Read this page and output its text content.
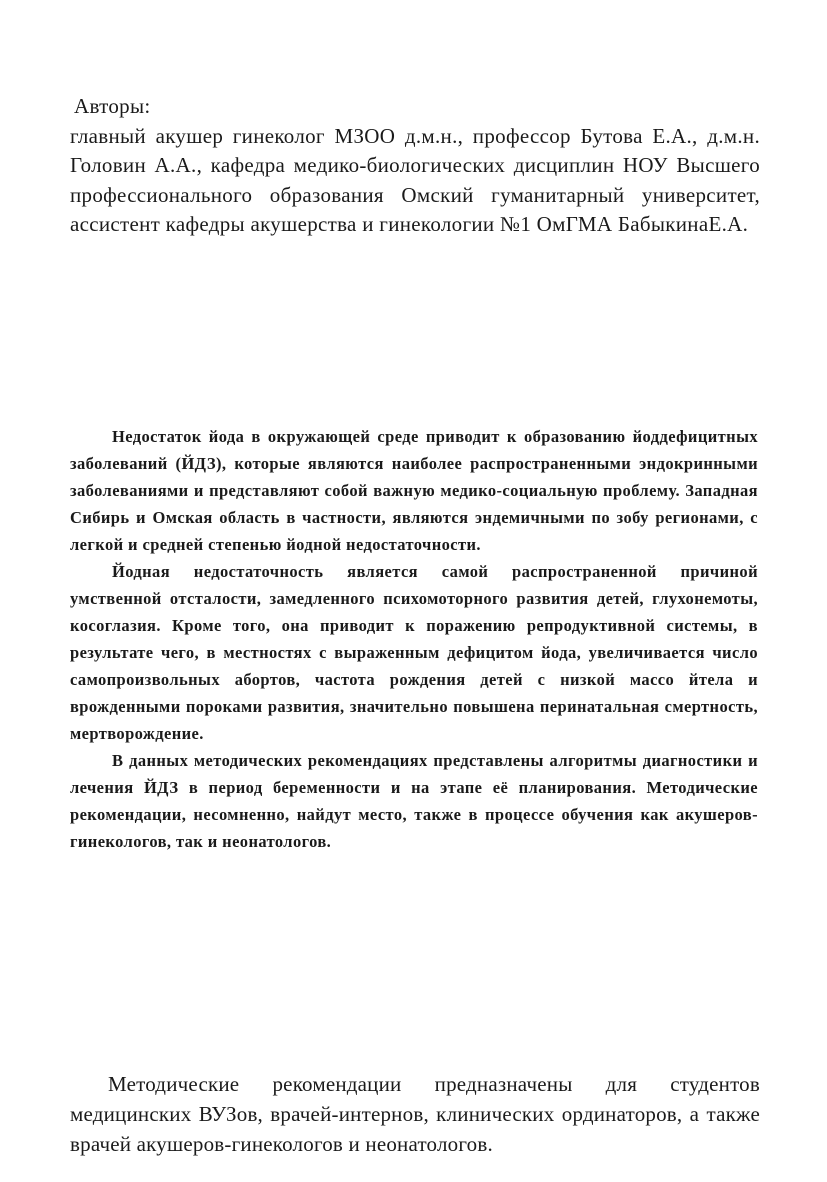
Авторы:
главный акушер гинеколог МЗОО д.м.н., профессор Бутова Е.А., д.м.н. Головин А.А., кафедра медико-биологических дисциплин НОУ Высшего профессионального образования Омский гуманитарный университет, ассистент кафедры акушерства и гинекологии №1 ОмГМА БабыкинаЕ.А.

Недостаток йода в окружающей среде приводит к образованию йоддефицитных заболеваний (ЙДЗ), которые являются наиболее распространенными эндокринными заболеваниями и представляют собой важную медико-социальную проблему. Западная Сибирь и Омская область в частности, являются эндемичными по зобу регионами, с легкой и средней степенью йодной недостаточности.

Йодная недостаточность является самой распространенной причиной умственной отсталости, замедленного психомоторного развития детей, глухонемоты, косоглазия. Кроме того, она приводит к поражению репродуктивной системы, в результате чего, в местностях с выраженным дефицитом йода, увеличивается число самопроизвольных абортов, частота рождения детей с низкой массо йтела и врожденными пороками развития, значительно повышена перинатальная смертность, мертворождение.

В данных методических рекомендациях представлены алгоритмы диагностики и лечения ЙДЗ в период беременности и на этапе её планирования. Методические рекомендации, несомненно, найдут место, также в процессе обучения как акушеров-гинекологов, так и неонатологов.

Методические рекомендации предназначены для студентов медицинских ВУЗов, врачей-интернов, клинических ординаторов, а также врачей акушеров-гинекологов и неонатологов.
